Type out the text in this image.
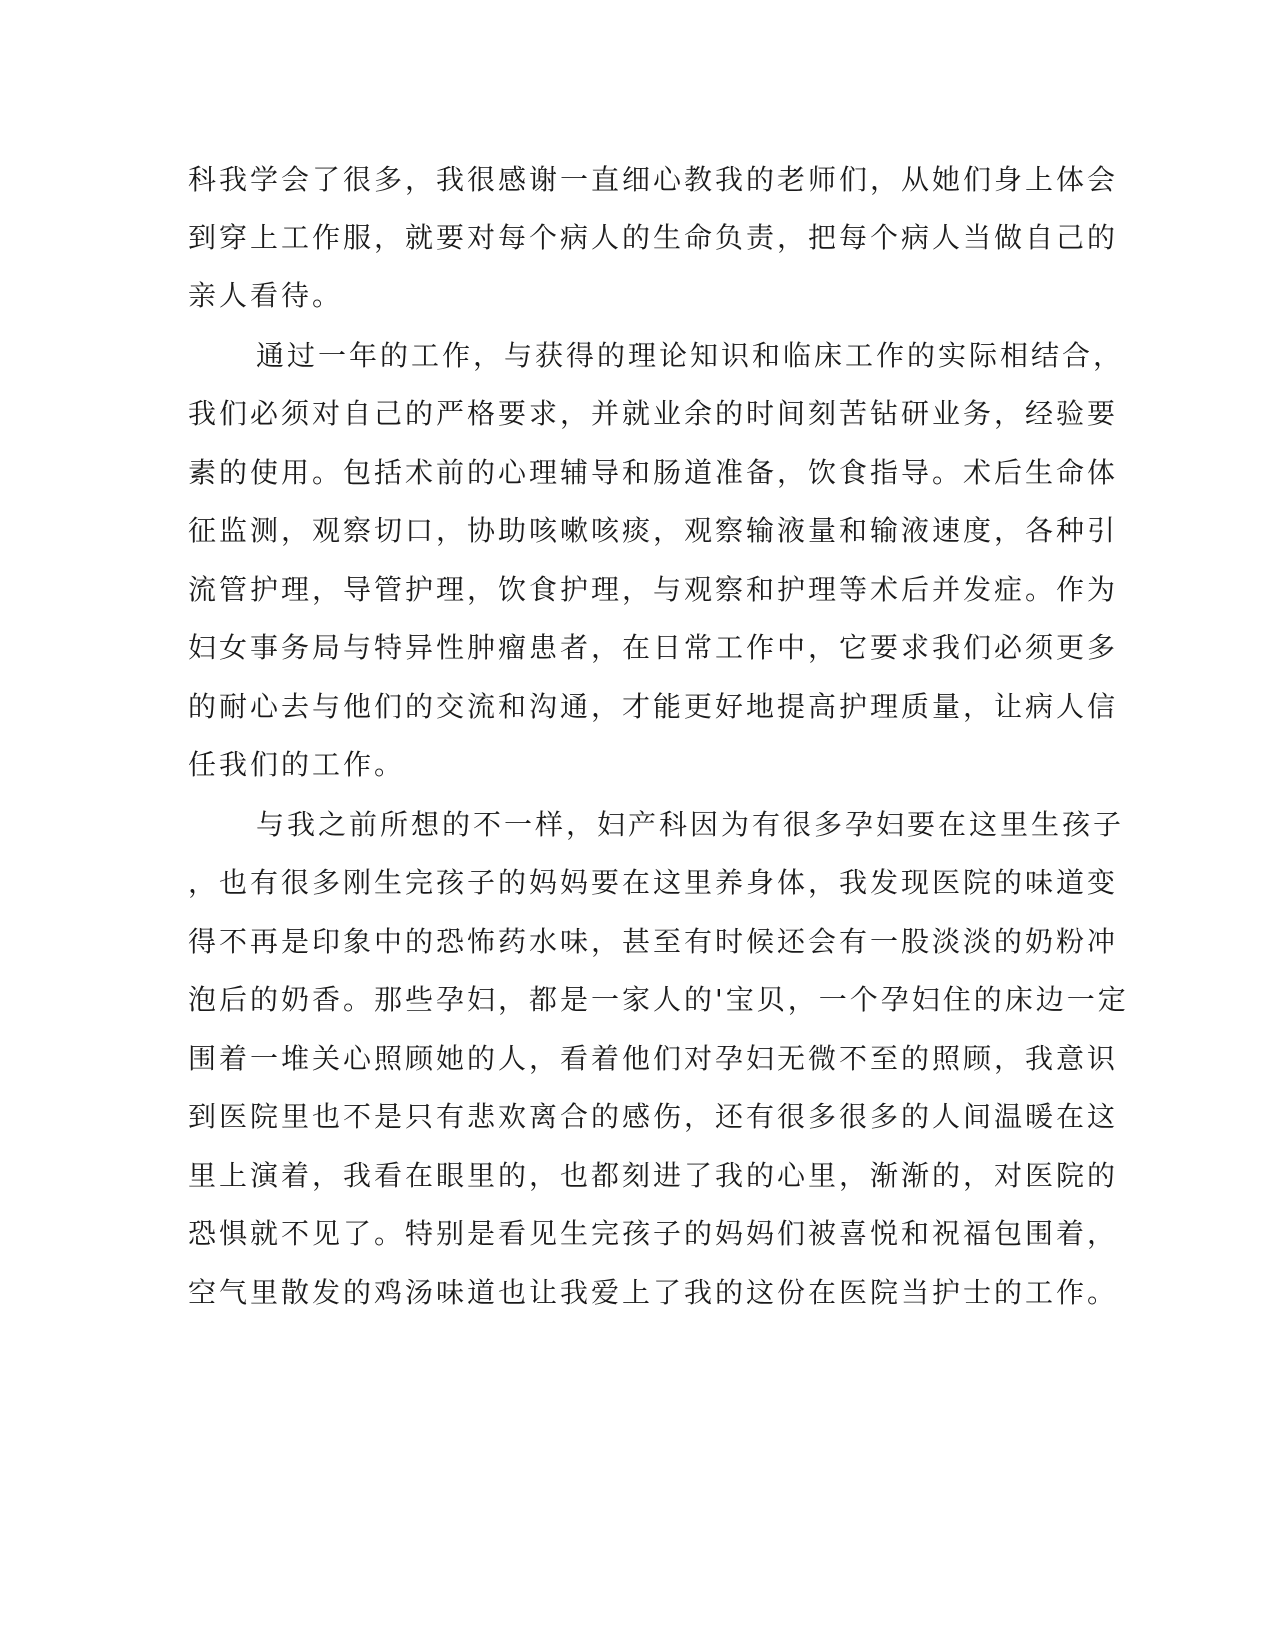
科我学会了很多，我很感谢一直细心教我的老师们，从她们身上体会
到穿上工作服，就要对每个病人的生命负责，把每个病人当做自己的
亲人看待。
通过一年的工作，与获得的理论知识和临床工作的实际相结合，
我们必须对自己的严格要求，并就业余的时间刻苦钻研业务，经验要
素的使用。包括术前的心理辅导和肠道准备，饮食指导。术后生命体
征监测，观察切口，协助咳嗽咳痰，观察输液量和输液速度，各种引
流管护理，导管护理，饮食护理，与观察和护理等术后并发症。作为
妇女事务局与特异性肿瘤患者，在日常工作中，它要求我们必须更多
的耐心去与他们的交流和沟通，才能更好地提高护理质量，让病人信
任我们的工作。
与我之前所想的不一样，妇产科因为有很多孕妇要在这里生孩子
，也有很多刚生完孩子的妈妈要在这里养身体，我发现医院的味道变
得不再是印象中的恐怖药水味，甚至有时候还会有一股淡淡的奶粉冲
泡后的奶香。那些孕妇，都是一家人的'宝贝，一个孕妇住的床边一定
围着一堆关心照顾她的人，看着他们对孕妇无微不至的照顾，我意识
到医院里也不是只有悲欢离合的感伤，还有很多很多的人间温暖在这
里上演着，我看在眼里的，也都刻进了我的心里，渐渐的，对医院的
恐惧就不见了。特别是看见生完孩子的妈妈们被喜悦和祝福包围着，
空气里散发的鸡汤味道也让我爱上了我的这份在医院当护士的工作。
